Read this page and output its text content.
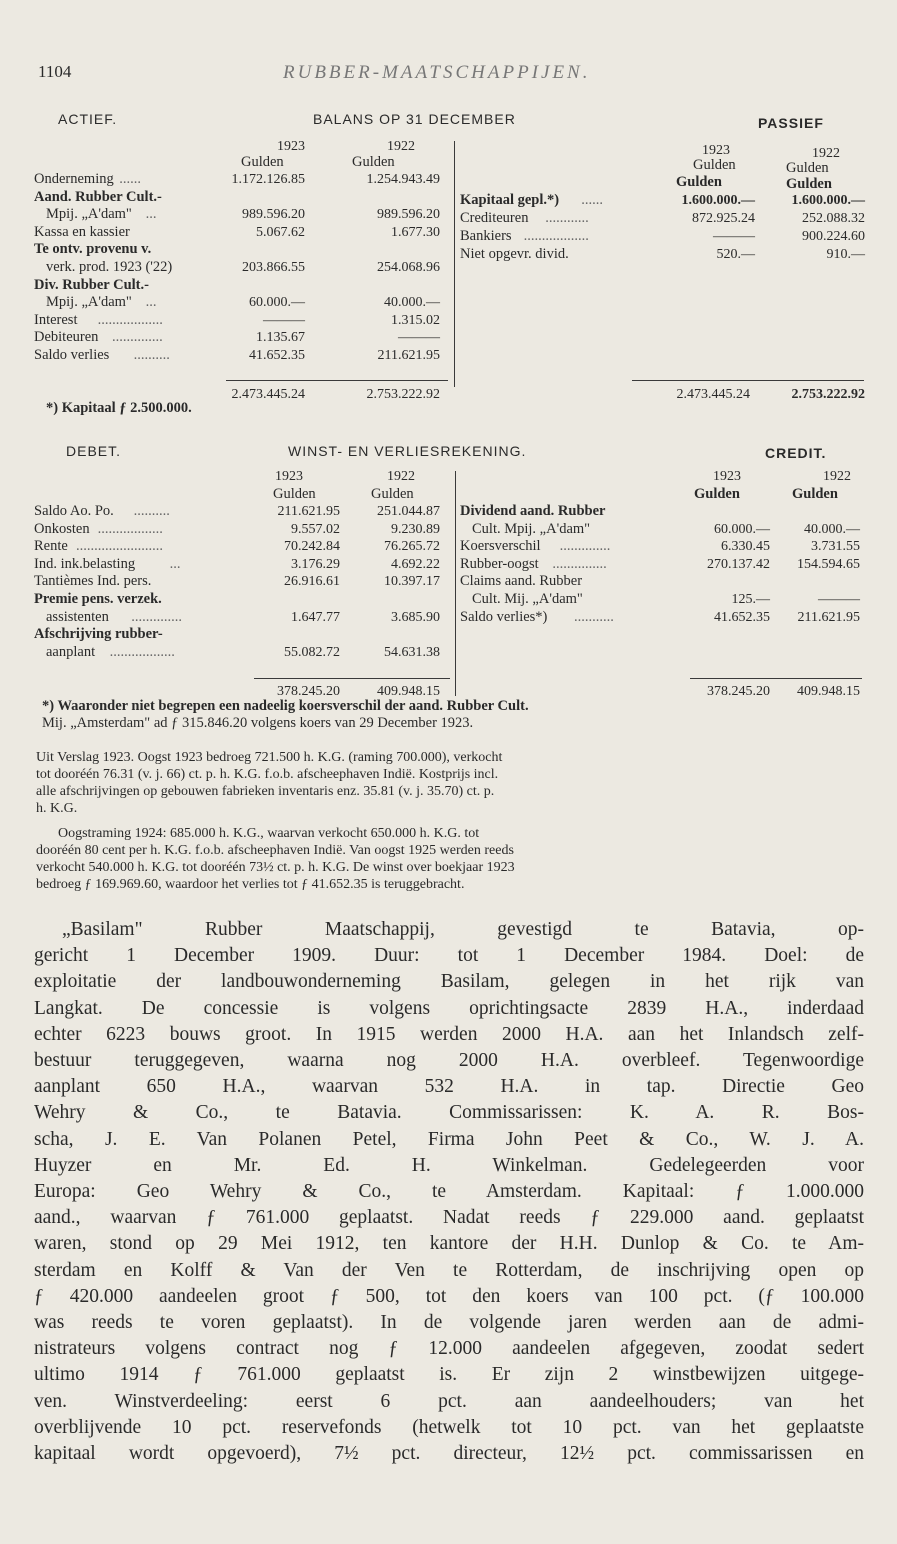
1104	RUBBER-MAATSCHAPPIJEN.
ACTIEF.	BALANS OP 31 DECEMBER	PASSIEF
1923	1922
Gulden	Gulden
1923	1922
Gulden	Gulden
Gulden	Gulden
Onderneming ......	1.172.126.85	1.254.943.49
Aand. Rubber Cult.-
Mpij. „A'dam" ...	989.596.20	989.596.20
Kassa en kassier	5.067.62	1.677.30
Te ontv. provenu v.
verk. prod. 1923 ('22)	203.866.55	254.068.96
Div. Rubber Cult.-
Mpij. „A'dam" ...	60.000.—	40.000.—
Interest ..................	———	1.315.02
Debiteuren ..............	1.135.67	———
Saldo verlies ..........	41.652.35	211.621.95
Kapitaal gepl.*) ......	1.600.000.—	1.600.000.—
Crediteuren ............	872.925.24	252.088.32
Bankiers ..................	———	900.224.60
Niet opgevr. divid.	520.—	910.—
2.473.445.24	2.753.222.92	2.473.445.24	2.753.222.92
*) Kapitaal ƒ 2.500.000.
DEBET.	WINST- EN VERLIESREKENING.	CREDIT.
1923	1922
Gulden	Gulden
1923	1922
Gulden	Gulden
Saldo Ao. Po. ..........	211.621.95	251.044.87
Onkosten ..................	9.557.02	9.230.89
Rente ........................	70.242.84	76.265.72
Ind. ink.belasting ...	3.176.29	4.692.22
Tantièmes Ind. pers.	26.916.61	10.397.17
Premie pens. verzek.
assistenten ..............	1.647.77	3.685.90
Afschrijving rubber-
aanplant ..................	55.082.72	54.631.38
Dividend aand. Rubber
Cult. Mpij. „A'dam"	60.000.—	40.000.—
Koersverschil ..............	6.330.45	3.731.55
Rubber-oogst ...............	270.137.42	154.594.65
Claims aand. Rubber
Cult. Mij. „A'dam"	125.—	———
Saldo verlies*) ...........	41.652.35	211.621.95
378.245.20	409.948.15	378.245.20	409.948.15
*) Waaronder niet begrepen een nadeelig koersverschil der aand. Rubber Cult.
Mij. „Amsterdam" ad ƒ 315.846.20 volgens koers van 29 December 1923.
Uit Verslag 1923. Oogst 1923 bedroeg 721.500 h. K.G. (raming 700.000), verkocht
tot dooréén 76.31 (v. j. 66) ct. p. h. K.G. f.o.b. afscheephaven Indië. Kostprijs incl.
alle afschrijvingen op gebouwen fabrieken inventaris enz. 35.81 (v. j. 35.70) ct. p.
h. K.G.
Oogstraming 1924: 685.000 h. K.G., waarvan verkocht 650.000 h. K.G. tot
dooréén 80 cent per h. K.G. f.o.b. afscheephaven Indië. Van oogst 1925 werden reeds
verkocht 540.000 h. K.G. tot dooréén 73½ ct. p. h. K.G. De winst over boekjaar 1923
bedroeg ƒ 169.969.60, waardoor het verlies tot ƒ 41.652.35 is teruggebracht.
„Basilam" Rubber Maatschappij, gevestigd te Batavia, op-
gericht 1 December 1909. Duur: tot 1 December 1984. Doel: de
exploitatie der landbouwonderneming Basilam, gelegen in het rijk van
Langkat. De concessie is volgens oprichtingsacte 2839 H.A., inderdaad
echter 6223 bouws groot. In 1915 werden 2000 H.A. aan het Inlandsch zelf-
bestuur teruggegeven, waarna nog 2000 H.A. overbleef. Tegenwoordige
aanplant 650 H.A., waarvan 532 H.A. in tap. Directie Geo
Wehry & Co., te Batavia. Commissarissen: K. A. R. Bos-
scha, J. E. Van Polanen Petel, Firma John Peet & Co., W. J. A.
Huyzer en Mr. Ed. H. Winkelman. Gedelegeerden voor
Europa: Geo Wehry & Co., te Amsterdam. Kapitaal: ƒ 1.000.000
aand., waarvan ƒ 761.000 geplaatst. Nadat reeds ƒ 229.000 aand. geplaatst
waren, stond op 29 Mei 1912, ten kantore der H.H. Dunlop & Co. te Am-
sterdam en Kolff & Van der Ven te Rotterdam, de inschrijving open op
ƒ 420.000 aandeelen groot ƒ 500, tot den koers van 100 pct. (ƒ 100.000
was reeds te voren geplaatst). In de volgende jaren werden aan de admi-
nistrateurs volgens contract nog ƒ 12.000 aandeelen afgegeven, zoodat sedert
ultimo 1914 ƒ 761.000 geplaatst is. Er zijn 2 winstbewijzen uitgege-
ven. Winstverdeeling: eerst 6 pct. aan aandeelhouders; van het
overblijvende 10 pct. reservefonds (hetwelk tot 10 pct. van het geplaatste
kapitaal wordt opgevoerd), 7½ pct. directeur, 12½ pct. commissarissen en
